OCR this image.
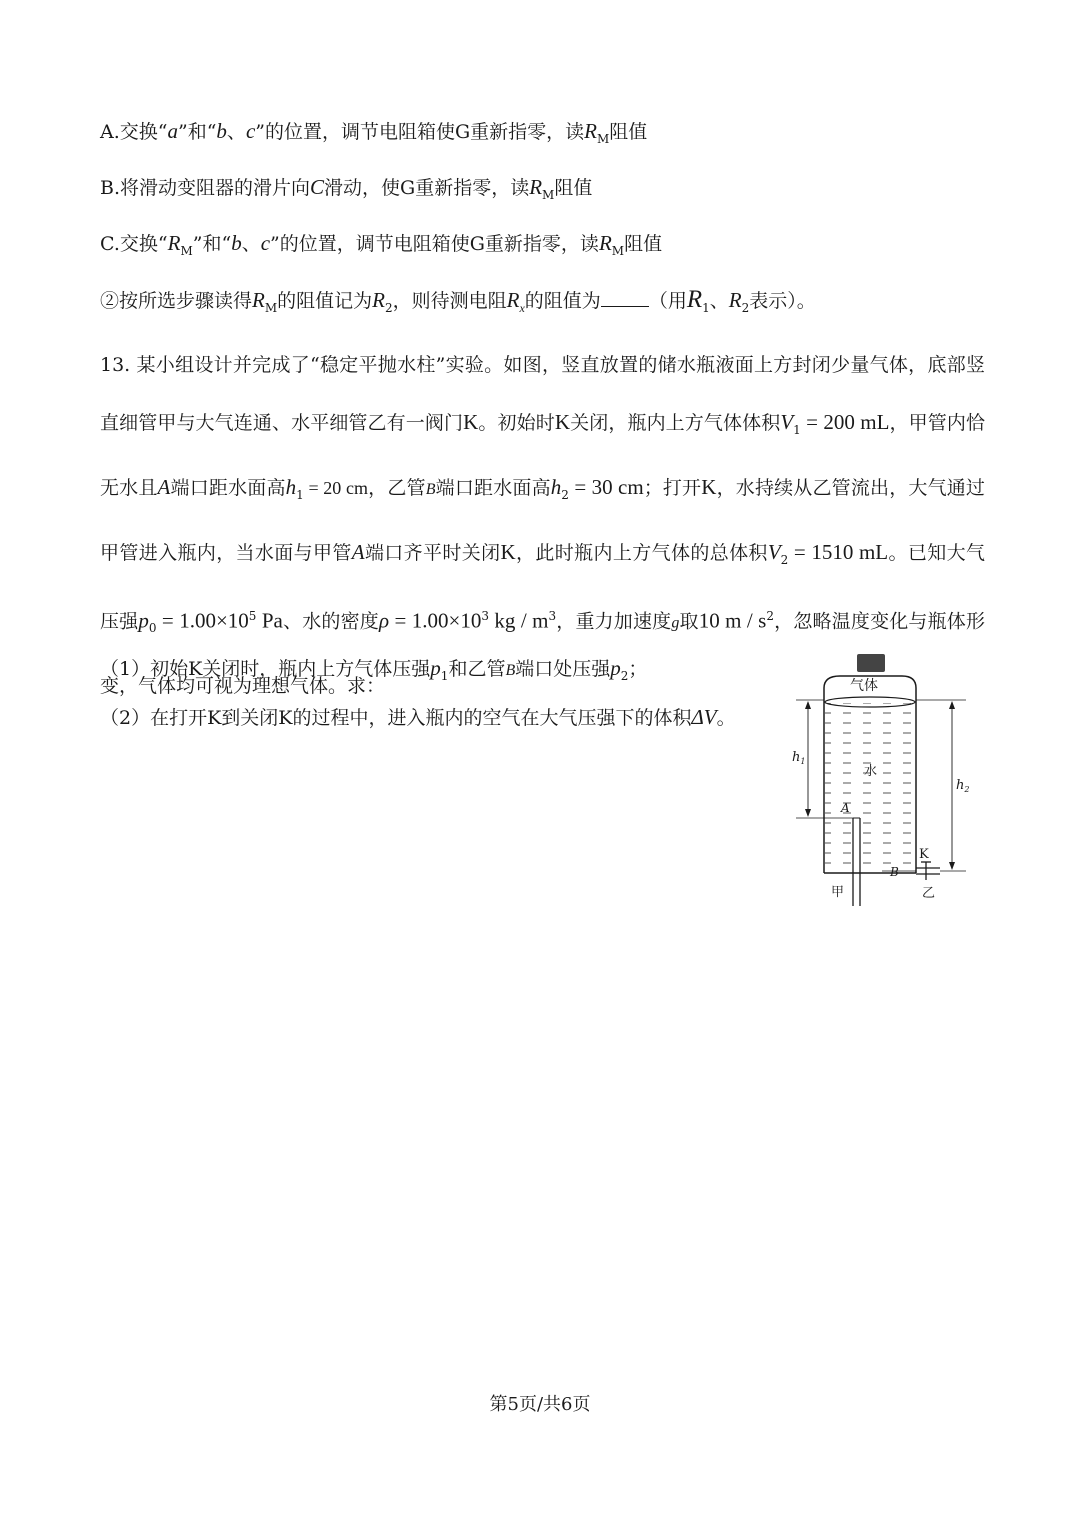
A.交换“a”和“b、c”的位置，调节电阻箱使G重新指零，读$R_M$阻值
B.将滑动变阻器的滑片向C滑动，使G重新指零，读$R_M$阻值
C.交换“$R_M$”和“b、c”的位置，调节电阻箱使G重新指零，读$R_M$阻值
②按所选步骤读得$R_M$的阻值记为$R_2$，则待测电阻$R_x$的阻值为	（用$R_1$、$R_2$表示）。
13. 某小组设计并完成了“稳定平抛水柱”实验。如图，竖直放置的储水瓶液面上方封闭少量气体，底部竖直细管甲与大气连通、水平细管乙有一阀门K。初始时K关闭，瓶内上方气体体积$V_1 = 200$ mL，甲管内恰无水且A端口距水面高$h_1 = 20$ cm，乙管B端口距水面高$h_2 = 30$ cm；打开K，水持续从乙管流出，大气通过甲管进入瓶内，当水面与甲管A端口齐平时关闭K，此时瓶内上方气体的总体积$V_2 = 1510$ mL。已知大气压强$p_0 = 1.00\times 10^5$ Pa、水的密度$\rho = 1.00\times 10^3$ kg / $m^3$，重力加速度g取10 m / $s^2$，忽略温度变化与瓶体形变，气体均可视为理想气体。求：
（1）初始K关闭时，瓶内上方气体压强$p_1$和乙管B端口处压强$p_2$；
（2）在打开K到关闭K的过程中，进入瓶内的空气在大气压强下的体积ΔV。
气体
水
K
A
B
$h_1$
$h_2$
甲	乙
第5页/共6页
